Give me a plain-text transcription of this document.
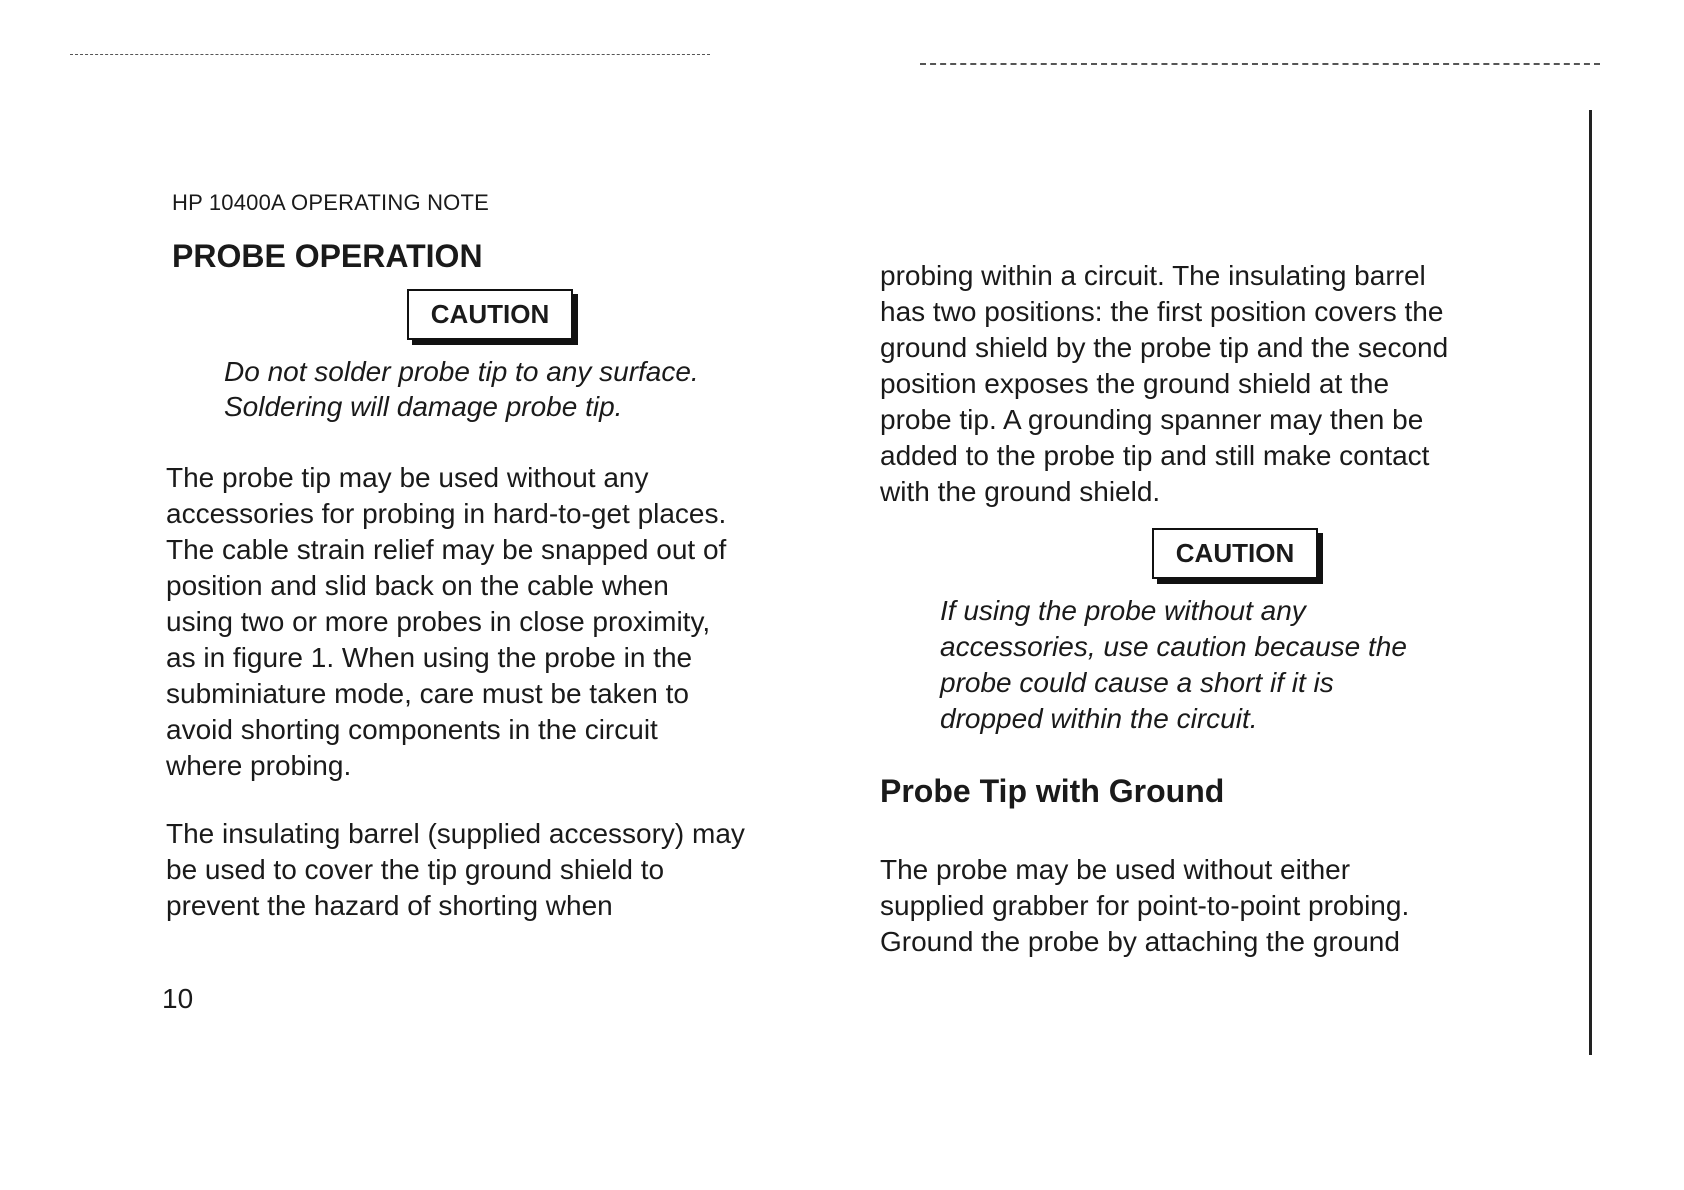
HP 10400A OPERATING NOTE
PROBE OPERATION
CAUTION
Do not solder probe tip to any surface.
Soldering will damage probe tip.
The probe tip may be used without any
accessories for probing in hard-to-get places.
The cable strain relief may be snapped out of
position and slid back on the cable when
using two or more probes in close proximity,
as in figure 1. When using the probe in the
subminiature mode, care must be taken to
avoid shorting components in the circuit
where probing.
The insulating barrel (supplied accessory) may
be used to cover the tip ground shield to
prevent the hazard of shorting when
10
probing within a circuit. The insulating barrel
has two positions: the first position covers the
ground shield by the probe tip and the second
position exposes the ground shield at the
probe tip. A grounding spanner may then be
added to the probe tip and still make contact
with the ground shield.
CAUTION
If using the probe without any
accessories, use caution because the
probe could cause a short if it is
dropped within the circuit.
Probe Tip with Ground
The probe may be used without either
supplied grabber for point-to-point probing.
Ground the probe by attaching the ground
